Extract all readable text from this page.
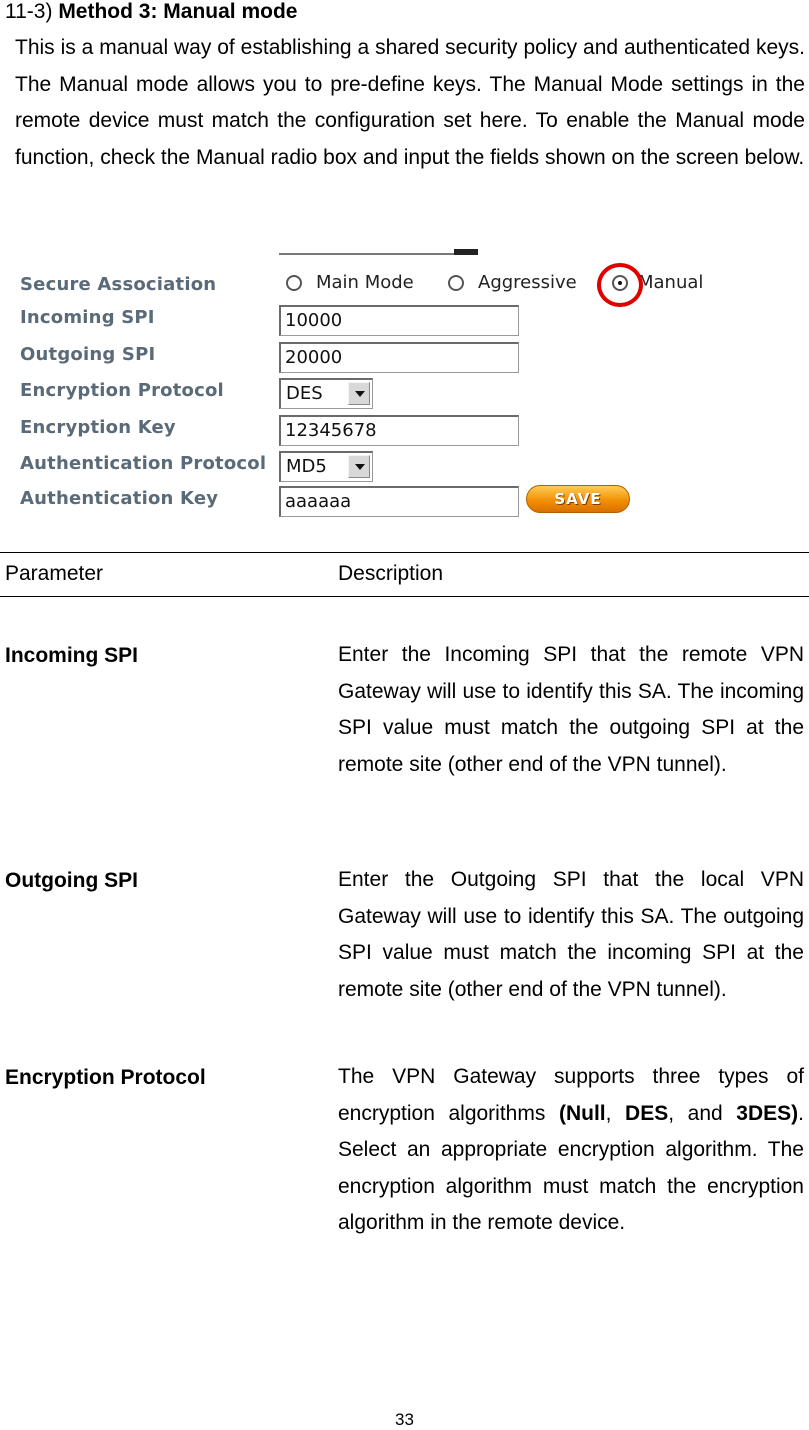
11-3) Method 3: Manual mode
This is a manual way of establishing a shared security policy and authenticated keys. The Manual mode allows you to pre-define keys. The Manual Mode settings in the remote device must match the configuration set here. To enable the Manual mode function, check the Manual radio box and input the fields shown on the screen below.
Secure Association	Main Mode	Aggressive	Manual
Incoming SPI	10000
Outgoing SPI	20000
Encryption Protocol	DES
Encryption Key	12345678
Authentication Protocol MD5
Authentication Key	aaaaaa	SAVE
Parameter	Description
Incoming SPI	Enter the Incoming SPI that the remote VPN Gateway will use to identify this SA. The incoming SPI value must match the outgoing SPI at the remote site (other end of the VPN tunnel).
Outgoing SPI	Enter the Outgoing SPI that the local VPN Gateway will use to identify this SA. The outgoing SPI value must match the incoming SPI at the remote site (other end of the VPN tunnel).
Encryption Protocol	The VPN Gateway supports three types of encryption algorithms (Null, DES, and 3DES). Select an appropriate encryption algorithm. The encryption algorithm must match the encryption algorithm in the remote device.
33
